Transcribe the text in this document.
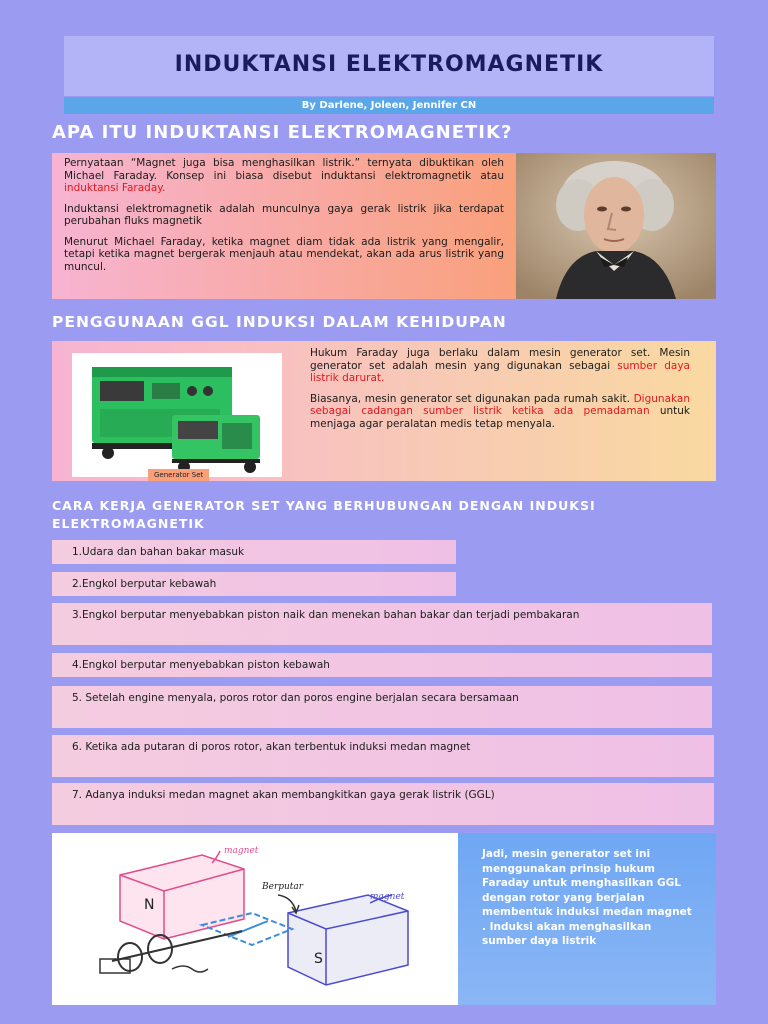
INDUKTANSI ELEKTROMAGNETIK
By Darlene, Joleen, Jennifer CN
APA ITU INDUKTANSI ELEKTROMAGNETIK?

Pernyataan “Magnet juga bisa menghasilkan listrik.” ternyata dibuktikan oleh Michael Faraday. Konsep ini biasa disebut induktansi elektromagnetik atau induktansi Faraday.

Induktansi elektromagnetik adalah munculnya gaya gerak listrik jika terdapat perubahan fluks magnetik

Menurut Michael Faraday, ketika magnet diam tidak ada listrik yang mengalir, tetapi ketika magnet bergerak menjauh atau mendekat, akan ada arus listrik yang muncul.

PENGGUNAAN GGL INDUKSI DALAM KEHIDUPAN
Generator Set

Hukum Faraday juga berlaku dalam mesin generator set. Mesin generator set adalah mesin yang digunakan sebagai sumber daya listrik darurat.

Biasanya, mesin generator set digunakan pada rumah sakit. Digunakan sebagai cadangan sumber listrik ketika ada pemadaman untuk menjaga agar peralatan medis tetap menyala.

CARA KERJA GENERATOR SET YANG BERHUBUNGAN DENGAN INDUKSI ELEKTROMAGNETIK
1.Udara dan bahan bakar masuk
2.Engkol berputar kebawah
3.Engkol berputar menyebabkan piston naik dan menekan bahan bakar dan terjadi pembakaran
4.Engkol berputar menyebabkan piston kebawah
5. Setelah engine menyala, poros rotor dan poros engine berjalan secara bersamaan
6. Ketika ada putaran di poros rotor, akan terbentuk induksi medan magnet
7. Adanya induksi medan magnet akan membangkitkan gaya gerak listrik (GGL)
N
S
magnet
Berputar
magnet

Jadi, mesin generator set ini menggunakan prinsip hukum Faraday untuk menghasilkan GGL dengan rotor yang berjalan membentuk induksi medan magnet . Induksi akan menghasilkan sumber daya listrik
